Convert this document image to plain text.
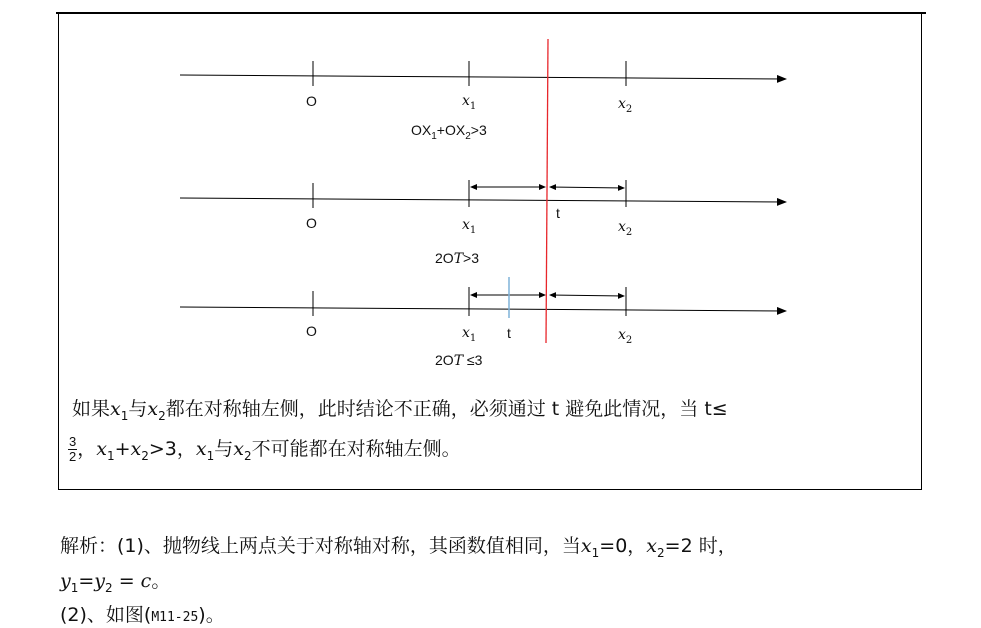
O	$x_1$	$x_2$
$OX_1+OX_2>3$
O	$x_1$	$x_2$
t
2OT>3
O	$x_1$	$x_2$
t
2OT ≤3
如果$x_1$与$x_2$都在对称轴左侧，此时结论不正确，必须通过 t 避免此情况，当 t≤
$\frac{3}{2}$ ，$x_1+x_2>3$，$x_1$与$x_2$不可能都在对称轴左侧。
解析：(1)、抛物线上两点关于对称轴对称，其函数值相同，当$x_1=0$，$x_2=2$ 时，
$y_1=y_2 = c$。
(2)、如图(M11-25)。
